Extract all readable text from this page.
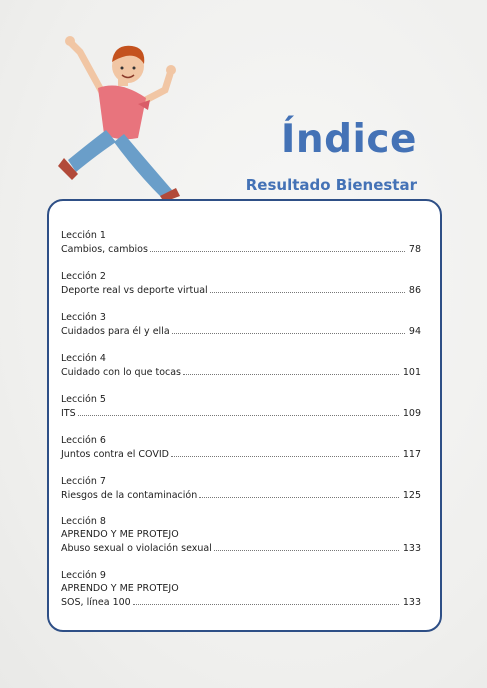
Índice
Resultado Bienestar
Lección 1
Cambios, cambios	78
Lección 2
Deporte real vs deporte virtual	86
Lección 3
Cuidados para él y ella	94
Lección 4
Cuidado con lo que tocas	101
Lección 5
ITS	109
Lección 6
Juntos contra el COVID	117
Lección 7
Riesgos de la contaminación	125
Lección 8
APRENDO Y ME PROTEJO
Abuso sexual o violación sexual	133
Lección 9
APRENDO Y ME PROTEJO
SOS, línea 100	133
